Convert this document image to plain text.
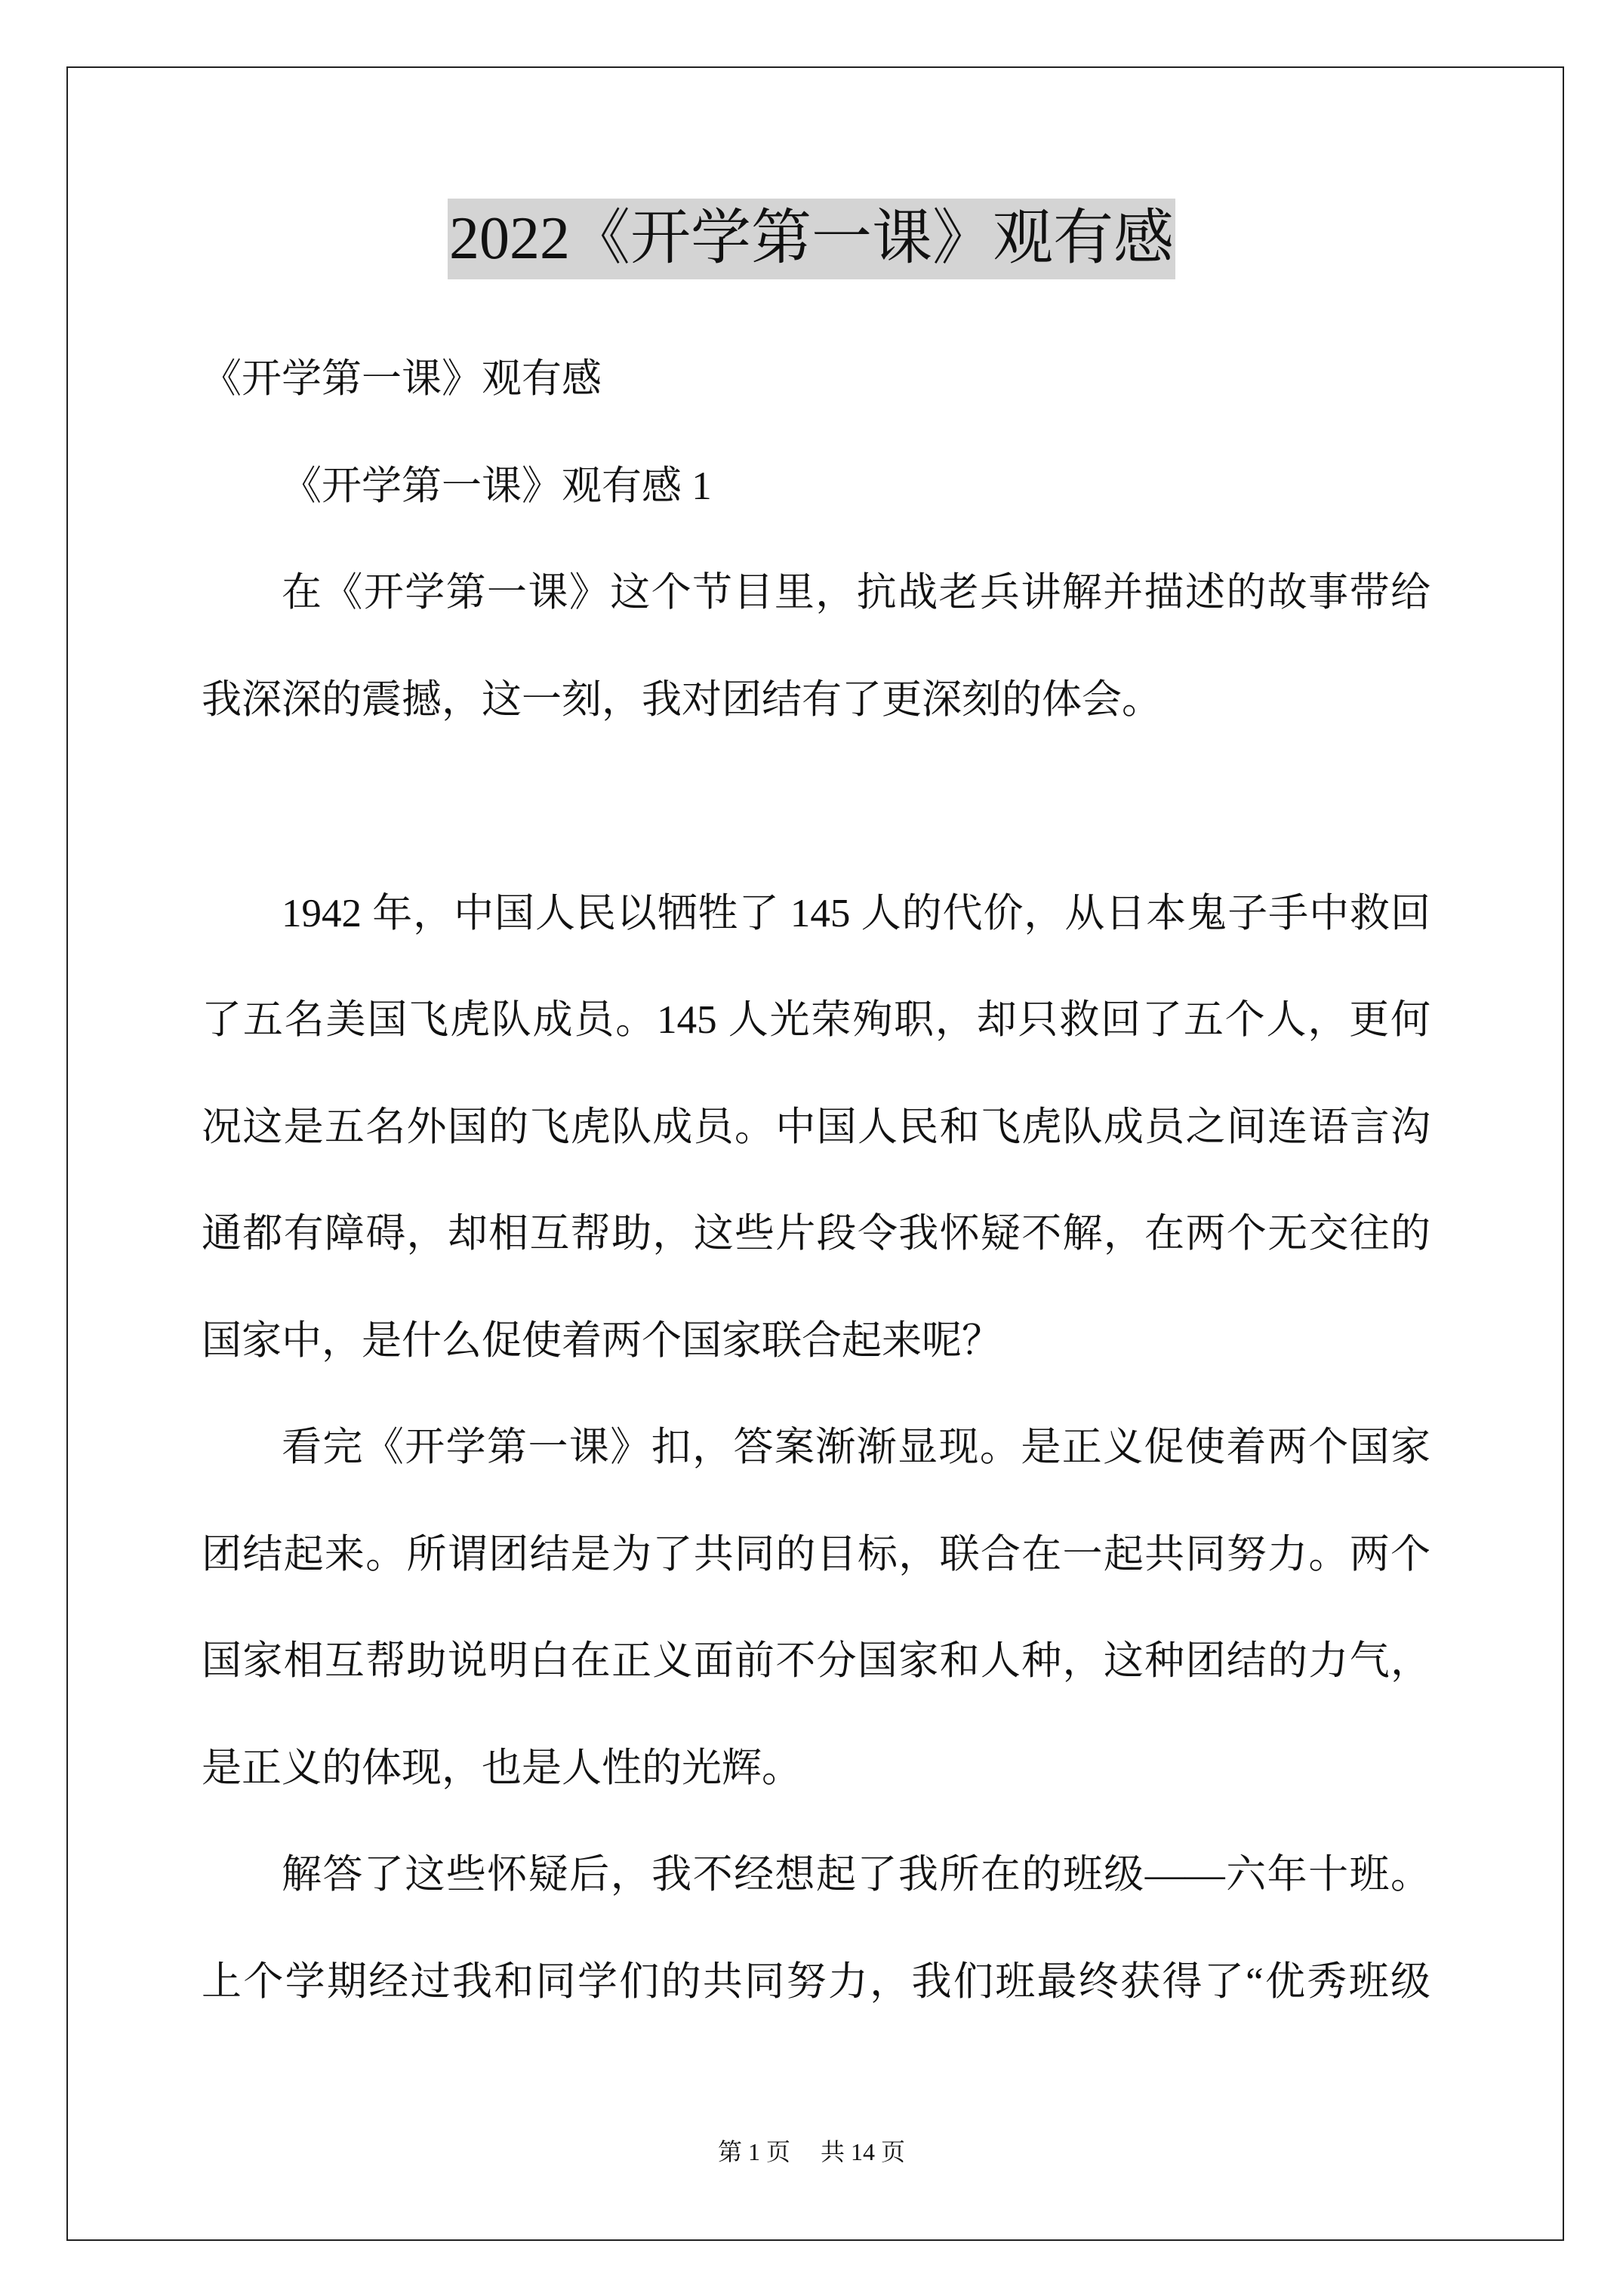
2022《开学第一课》观有感
《开学第一课》观有感
《开学第一课》观有感 1
在《开学第一课》这个节目里，抗战老兵讲解并描述的故事带给
我深深的震撼，这一刻，我对团结有了更深刻的体会。
1942 年，中国人民以牺牲了 145 人的代价，从日本鬼子手中救回
了五名美国飞虎队成员。145 人光荣殉职，却只救回了五个人，更何
况这是五名外国的飞虎队成员。中国人民和飞虎队成员之间连语言沟
通都有障碍，却相互帮助，这些片段令我怀疑不解，在两个无交往的
国家中，是什么促使着两个国家联合起来呢？
看完《开学第一课》扣，答案渐渐显现。是正义促使着两个国家
团结起来。所谓团结是为了共同的目标，联合在一起共同努力。两个
国家相互帮助说明白在正义面前不分国家和人种，这种团结的力气，
是正义的体现，也是人性的光辉。
解答了这些怀疑后，我不经想起了我所在的班级——六年十班。
上个学期经过我和同学们的共同努力，我们班最终获得了“优秀班级
第 1 页 共 14 页
